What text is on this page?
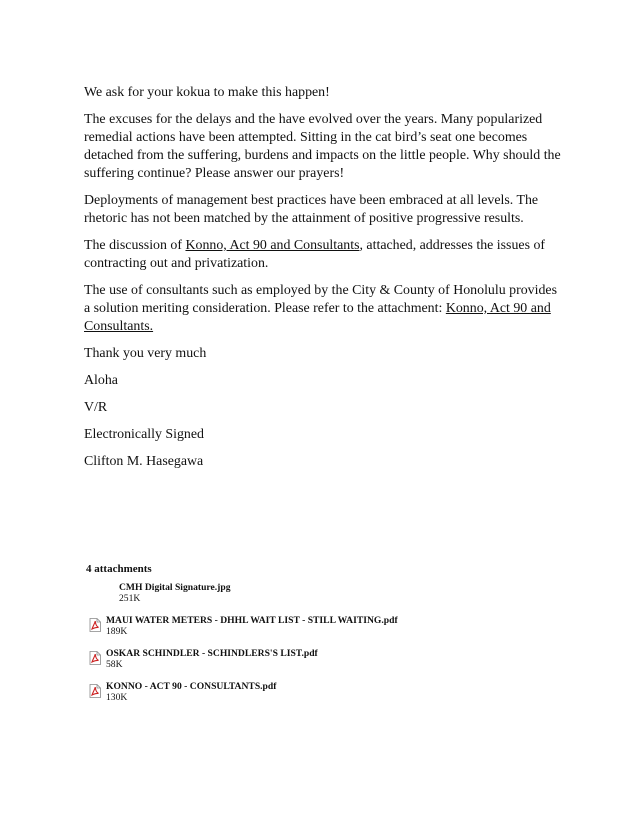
We ask for your kokua to make this happen!

The excuses for the delays and the have evolved over the years. Many popularized remedial actions have been attempted. Sitting in the cat bird’s seat one becomes detached from the suffering, burdens and impacts on the little people. Why should the suffering continue? Please answer our prayers!

Deployments of management best practices have been embraced at all levels. The rhetoric has not been matched by the attainment of positive progressive results.

The discussion of Konno, Act 90 and Consultants, attached, addresses the issues of contracting out and privatization.

The use of consultants such as employed by the City & County of Honolulu provides a solution meriting consideration. Please refer to the attachment: Konno, Act 90 and Consultants.

Thank you very much

Aloha

V/R

Electronically Signed

Clifton M. Hasegawa

4 attachments
CMH Digital Signature.jpg
251K
MAUI WATER METERS - DHHL WAIT LIST - STILL WAITING.pdf
189K
OSKAR SCHINDLER - SCHINDLERS'S LIST.pdf
58K
KONNO - ACT 90 - CONSULTANTS.pdf
130K
